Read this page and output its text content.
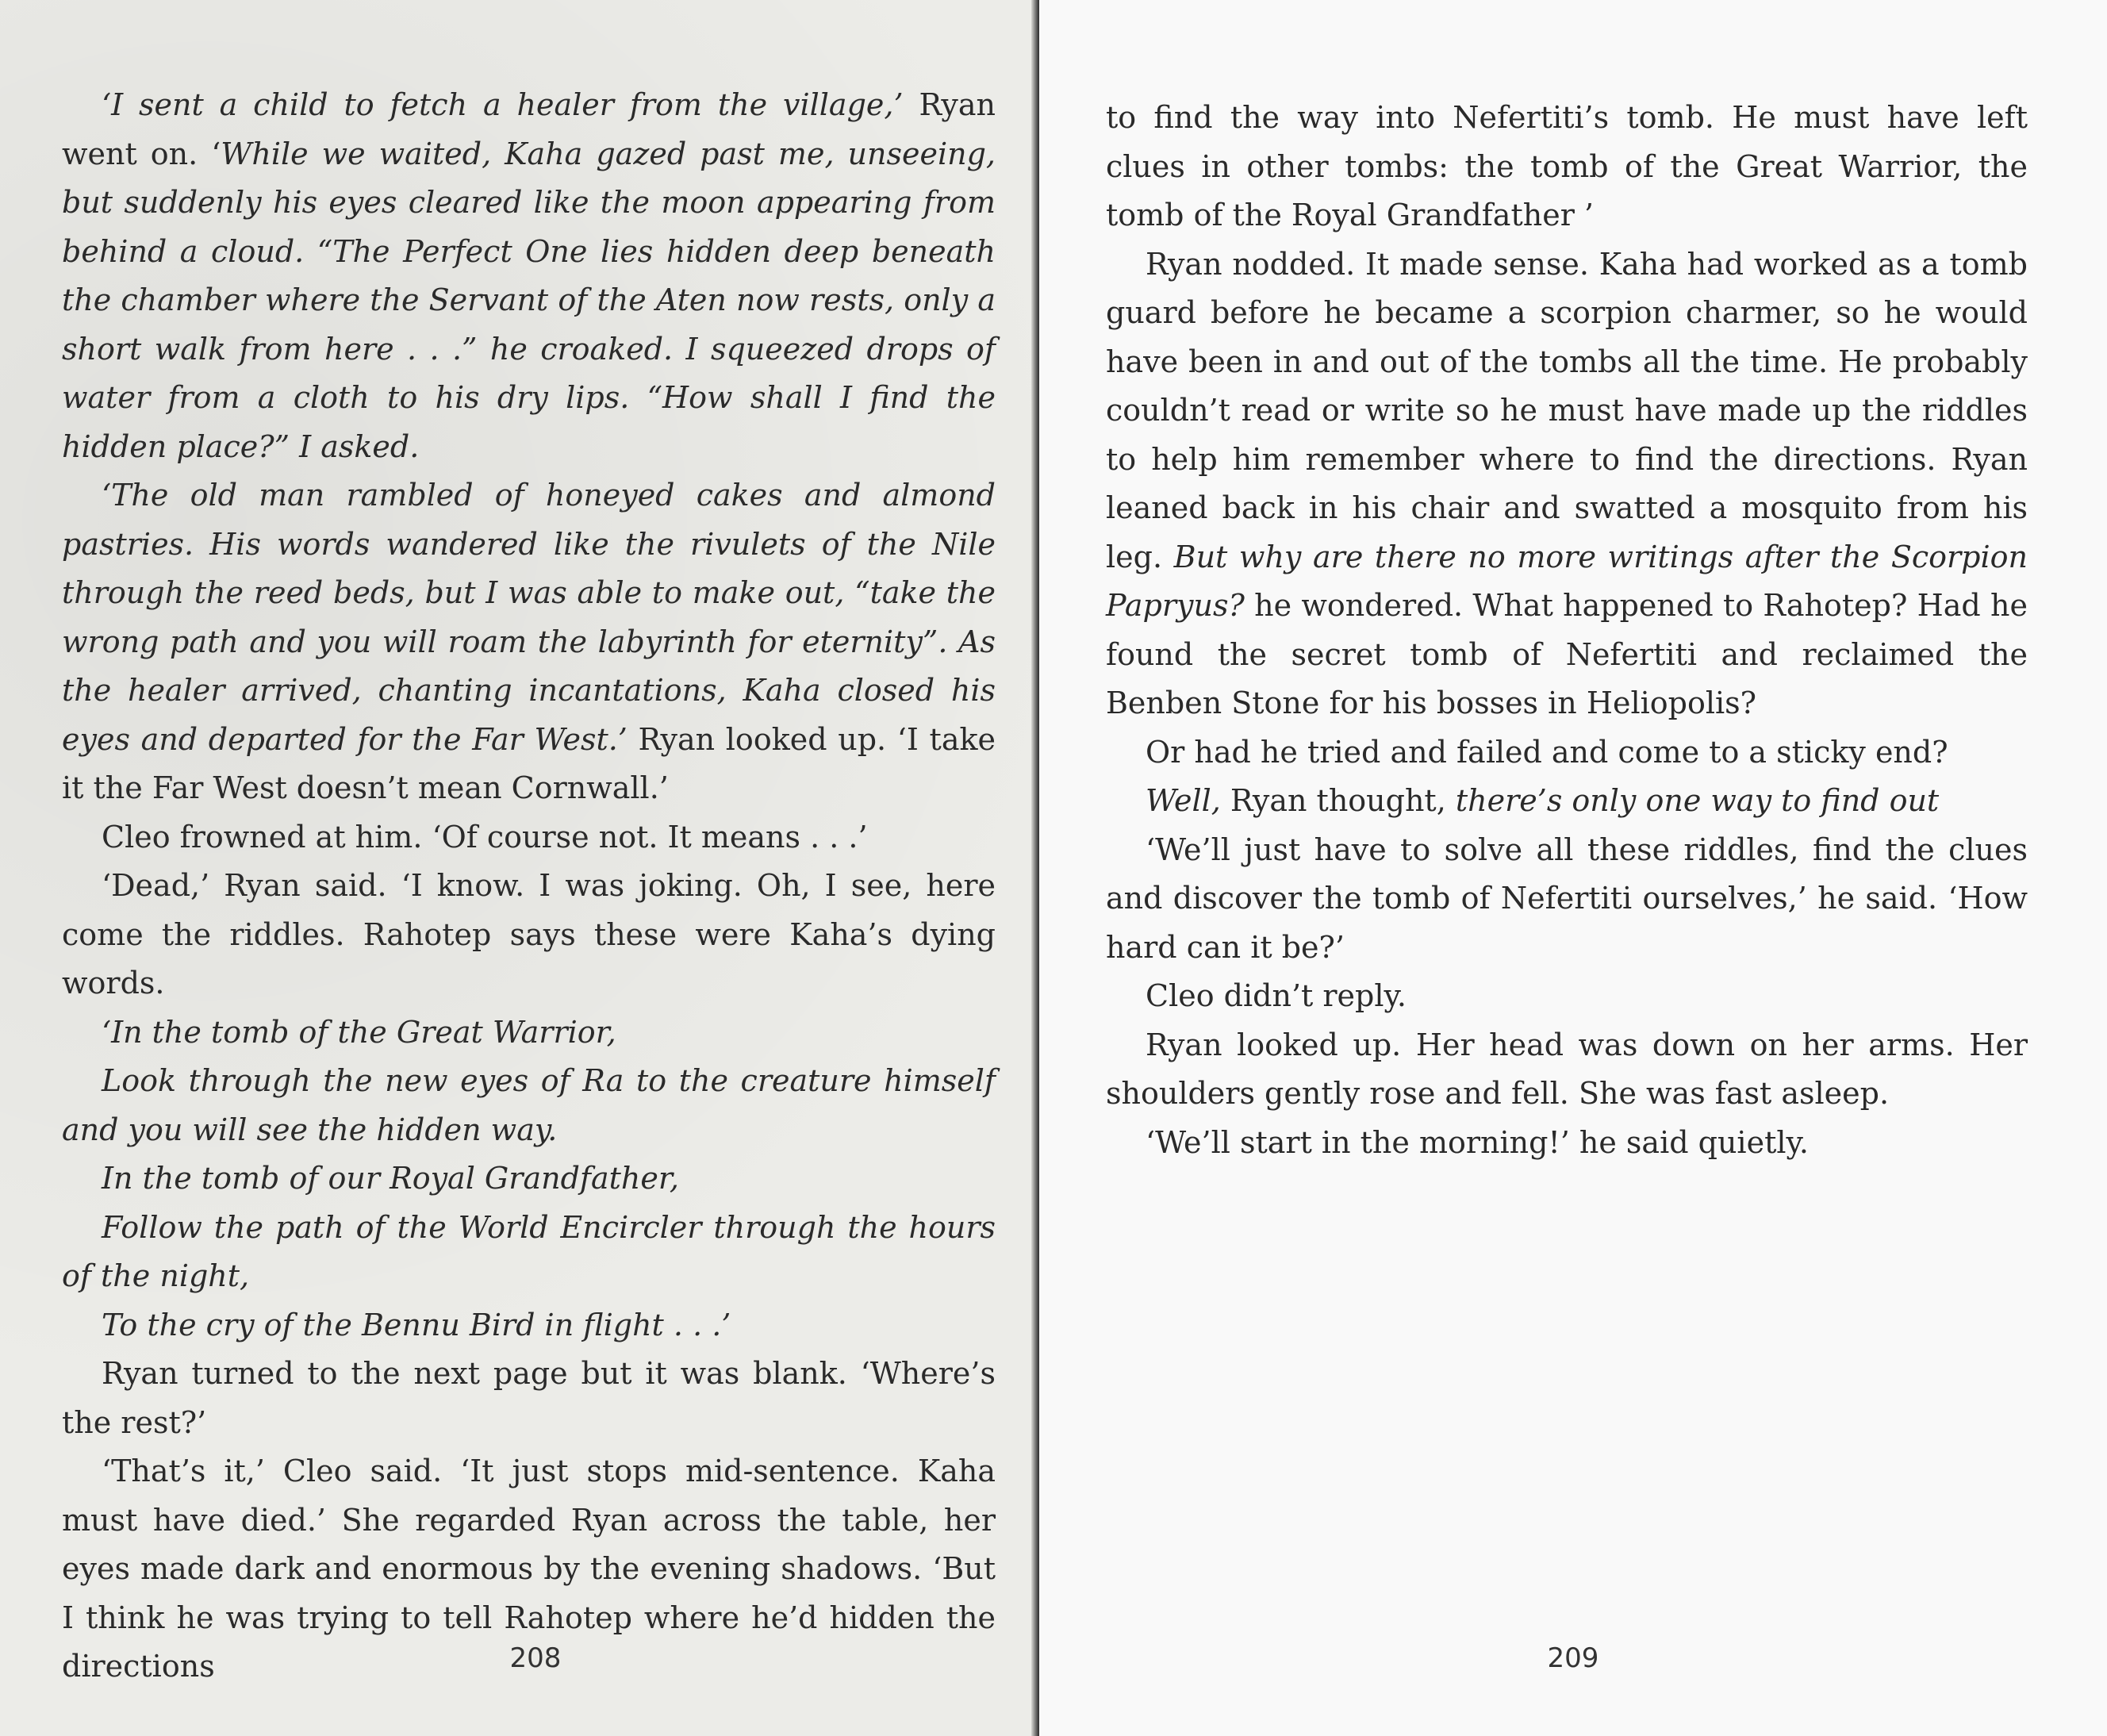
‘I sent a child to fetch a healer from the village,’ Ryan went on. ‘While we waited, Kaha gazed past me, unseeing, but suddenly his eyes cleared like the moon appearing from behind a cloud. “The Perfect One lies hidden deep beneath the chamber where the Servant of the Aten now rests, only a short walk from here . . .” he croaked. I squeezed drops of water from a cloth to his dry lips. “How shall I find the hidden place?” I asked.

‘The old man rambled of honeyed cakes and almond pastries. His words wandered like the rivulets of the Nile through the reed beds, but I was able to make out, “take the wrong path and you will roam the labyrinth for eternity”. As the healer arrived, chanting incantations, Kaha closed his eyes and departed for the Far West.’ Ryan looked up. ‘I take it the Far West doesn’t mean Cornwall.’

Cleo frowned at him. ‘Of course not. It means . . .’

‘Dead,’ Ryan said. ‘I know. I was joking. Oh, I see, here come the riddles. Rahotep says these were Kaha’s dying words.

‘In the tomb of the Great Warrior,

Look through the new eyes of Ra to the creature himself and you will see the hidden way.

In the tomb of our Royal Grandfather,

Follow the path of the World Encircler through the hours of the night,

To the cry of the Bennu Bird in flight . . .’

Ryan turned to the next page but it was blank. ‘Where’s the rest?’

‘That’s it,’ Cleo said. ‘It just stops mid-sentence. Kaha must have died.’ She regarded Ryan across the table, her eyes made dark and enormous by the evening shadows. ‘But I think he was trying to tell Rahotep where he’d hidden the directions	208

to find the way into Nefertiti’s tomb. He must have left clues in other tombs: the tomb of the Great Warrior, the tomb of the Royal Grandfather ’

Ryan nodded. It made sense. Kaha had worked as a tomb guard before he became a scorpion charmer, so he would have been in and out of the tombs all the time. He probably couldn’t read or write so he must have made up the riddles to help him remember where to find the directions. Ryan leaned back in his chair and swatted a mosquito from his leg. But why are there no more writings after the Scorpion Papryus? he wondered. What happened to Rahotep? Had he found the secret tomb of Nefertiti and reclaimed the Benben Stone for his bosses in Heliopolis?

Or had he tried and failed and come to a sticky end?

Well, Ryan thought, there’s only one way to find out

‘We’ll just have to solve all these riddles, find the clues and discover the tomb of Nefertiti ourselves,’ he said. ‘How hard can it be?’

Cleo didn’t reply.

Ryan looked up. Her head was down on her arms. Her shoulders gently rose and fell. She was fast asleep.

‘We’ll start in the morning!’ he said quietly.

209
